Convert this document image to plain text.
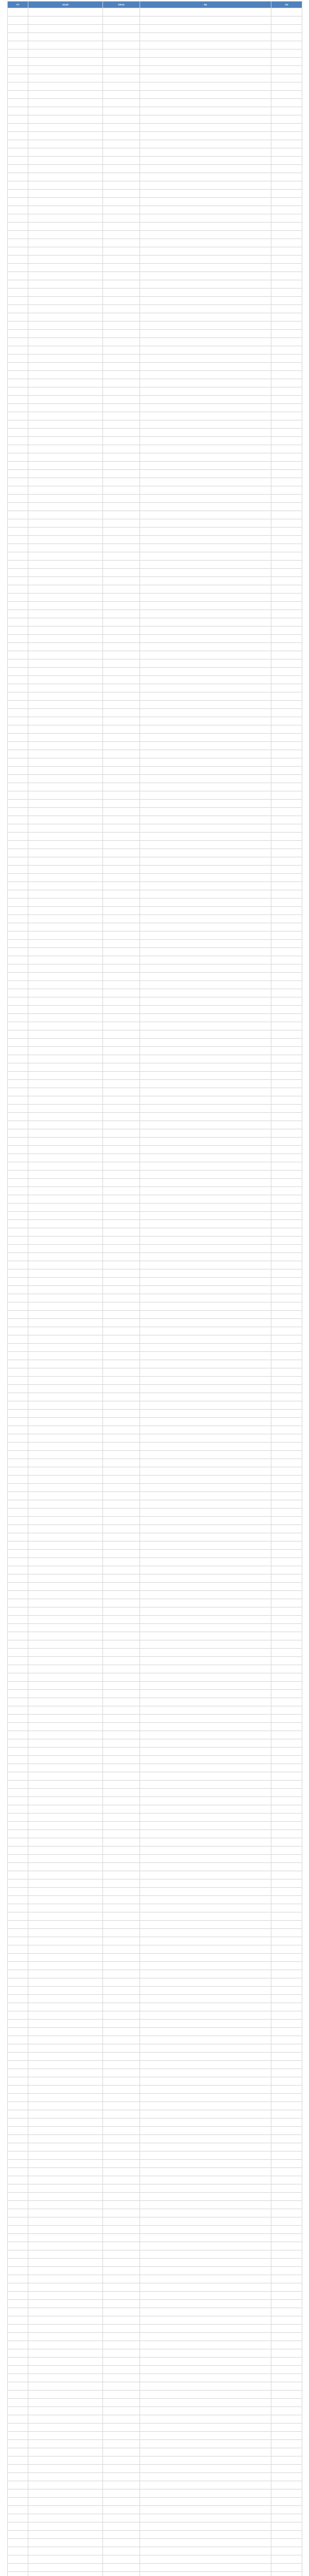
序号	单位名称	联系电话	地址	类别
